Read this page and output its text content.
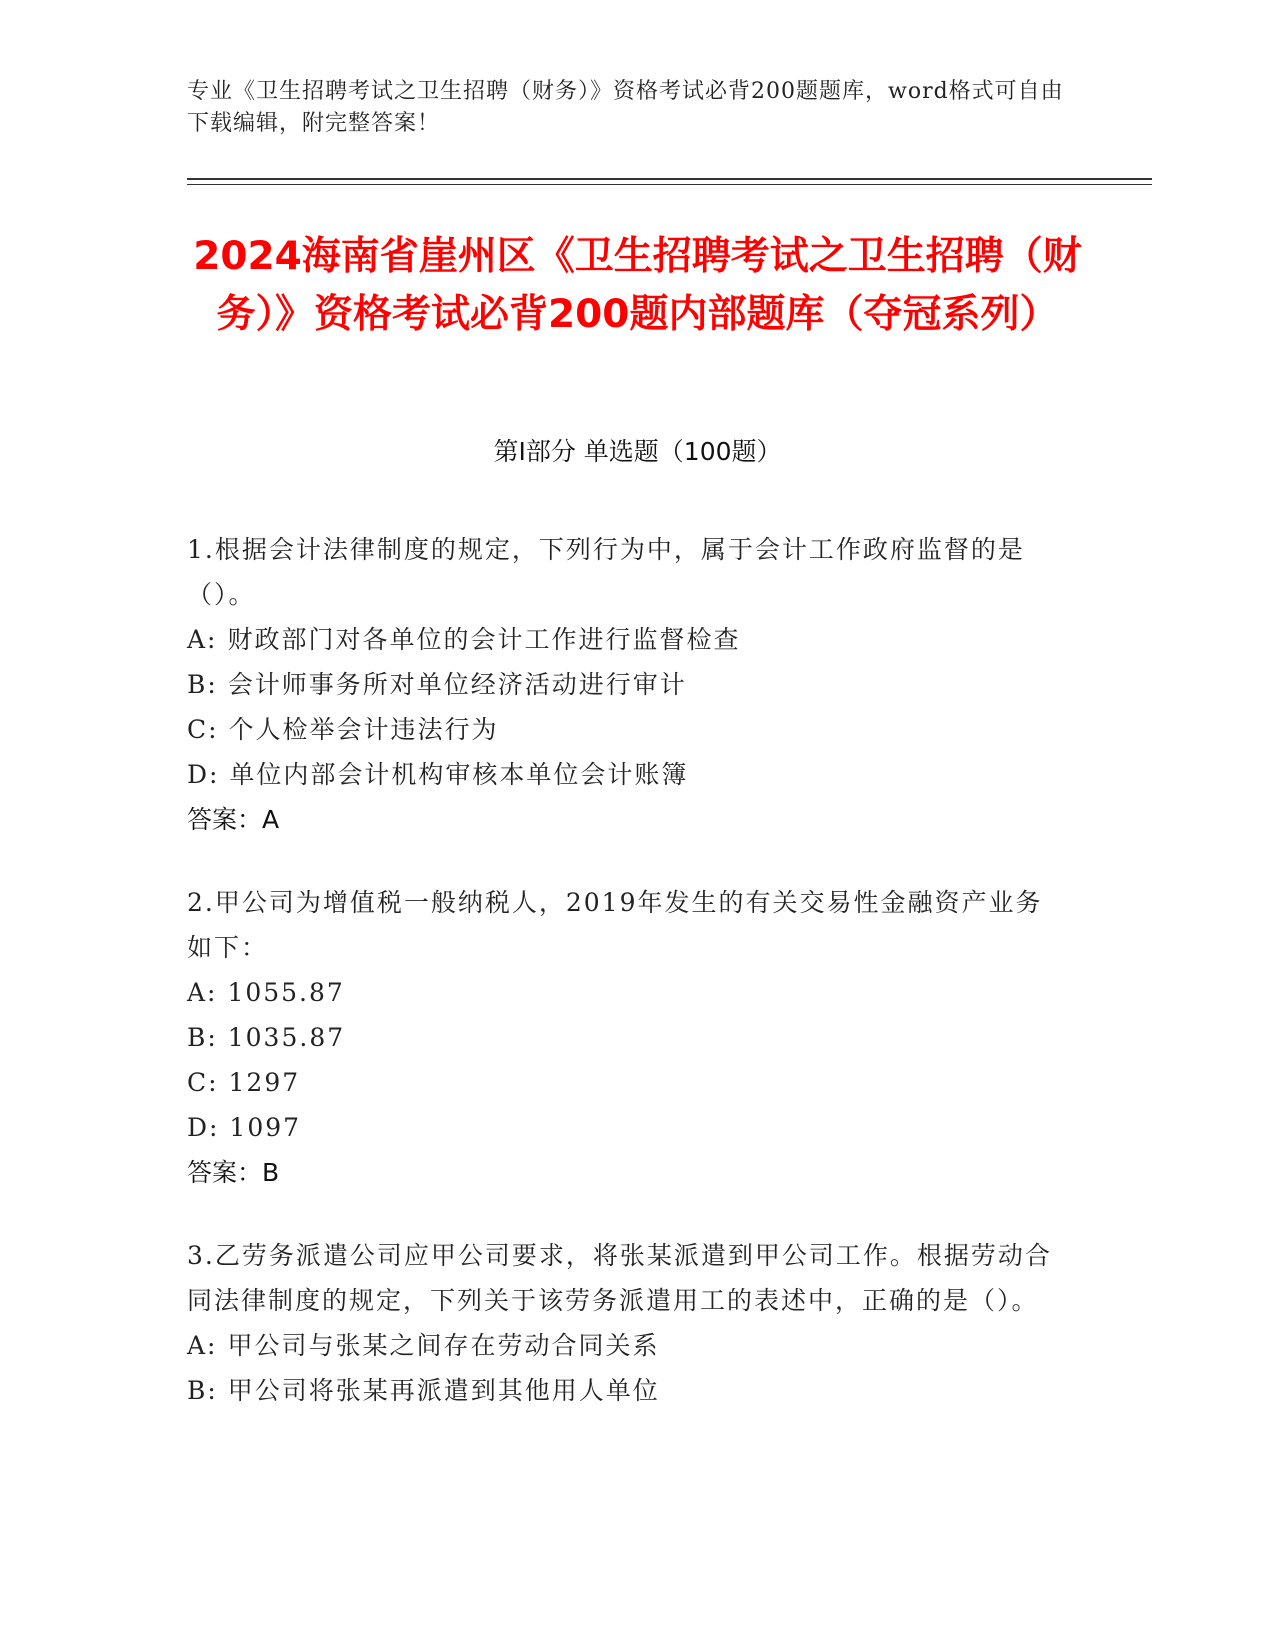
专业《卫生招聘考试之卫生招聘（财务）》资格考试必背200题题库，word格式可自由下载编辑，附完整答案！
2024海南省崖州区《卫生招聘考试之卫生招聘（财务）》资格考试必背200题内部题库（夺冠系列）
第Ⅰ部分 单选题（100题）

1.根据会计法律制度的规定，下列行为中，属于会计工作政府监督的是（）。

A: 财政部门对各单位的会计工作进行监督检查

B: 会计师事务所对单位经济活动进行审计

C: 个人检举会计违法行为

D: 单位内部会计机构审核本单位会计账簿

答案：A

2.甲公司为增值税一般纳税人，2019年发生的有关交易性金融资产业务如下：

A: 1055.87

B: 1035.87

C: 1297

D: 1097

答案：B

3.乙劳务派遣公司应甲公司要求，将张某派遣到甲公司工作。根据劳动合同法律制度的规定，下列关于该劳务派遣用工的表述中，正确的是（）。

A: 甲公司与张某之间存在劳动合同关系

B: 甲公司将张某再派遣到其他用人单位
